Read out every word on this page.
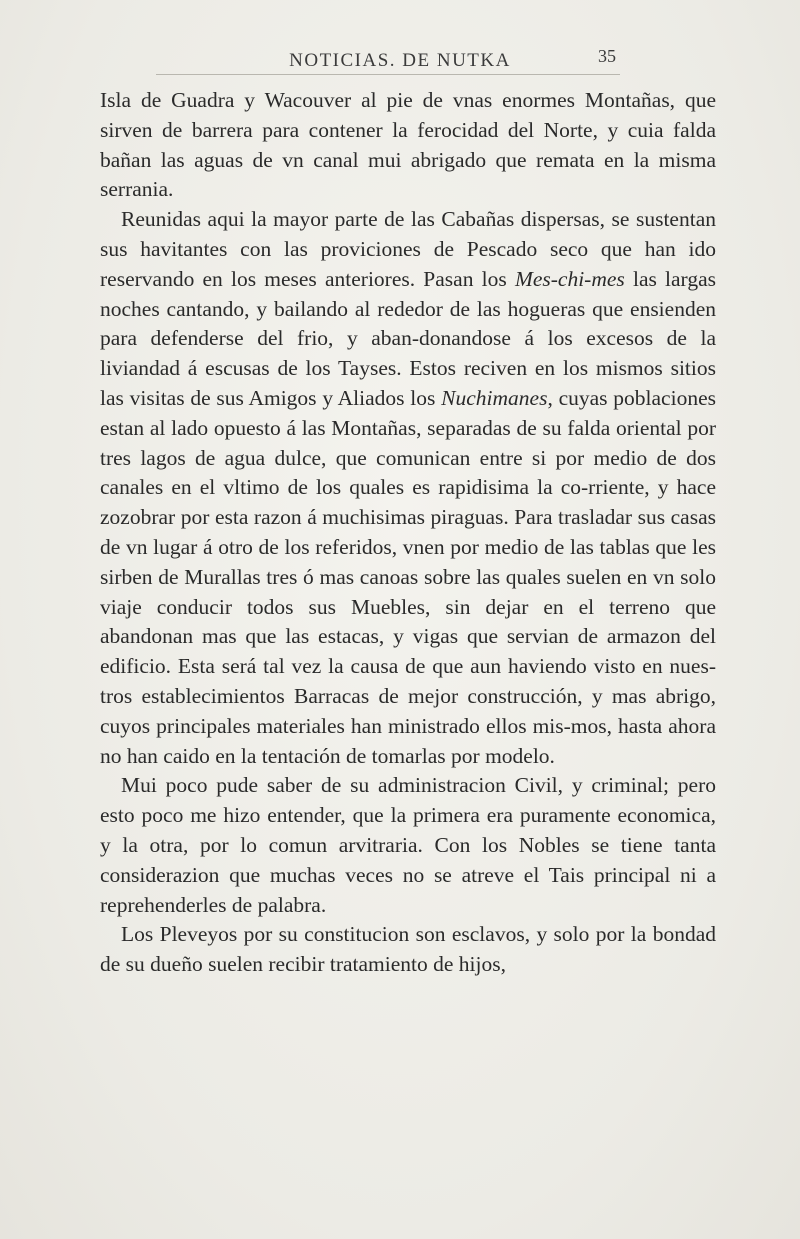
NOTICIAS. DE NUTKA	35

Isla de Guadra y Wacouver al pie de vnas enormes Montañas, que sirven de barrera para contener la ferocidad del Norte, y cuia falda bañan las aguas de vn canal mui abrigado que remata en la misma serrania.

Reunidas aqui la mayor parte de las Cabañas dispersas, se sustentan sus havitantes con las proviciones de Pescado seco que han ido reservando en los meses anteriores. Pasan los Mes-chi-mes las largas noches cantando, y bailando al rededor de las hogueras que ensienden para defenderse del frio, y aban-donandose á los excesos de la liviandad á escusas de los Tayses. Estos reciven en los mismos sitios las visitas de sus Amigos y Aliados los Nuchimanes, cuyas poblaciones estan al lado opuesto á las Montañas, separadas de su falda oriental por tres lagos de agua dulce, que comunican entre si por medio de dos canales en el vltimo de los quales es rapidisima la co-rriente, y hace zozobrar por esta razon á muchisimas piraguas. Para trasladar sus casas de vn lugar á otro de los referidos, vnen por medio de las tablas que les sirben de Murallas tres ó mas canoas sobre las quales suelen en vn solo viaje conducir todos sus Muebles, sin dejar en el terreno que abandonan mas que las estacas, y vigas que servian de armazon del edificio. Esta será tal vez la causa de que aun haviendo visto en nues-tros establecimientos Barracas de mejor construcción, y mas abrigo, cuyos principales materiales han ministrado ellos mis-mos, hasta ahora no han caido en la tentación de tomarlas por modelo.

Mui poco pude saber de su administracion Civil, y criminal; pero esto poco me hizo entender, que la primera era puramente economica, y la otra, por lo comun arvitraria. Con los Nobles se tiene tanta considerazion que muchas veces no se atreve el Tais principal ni a reprehenderles de palabra.

Los Pleveyos por su constitucion son esclavos, y solo por la bondad de su dueño suelen recibir tratamiento de hijos,
